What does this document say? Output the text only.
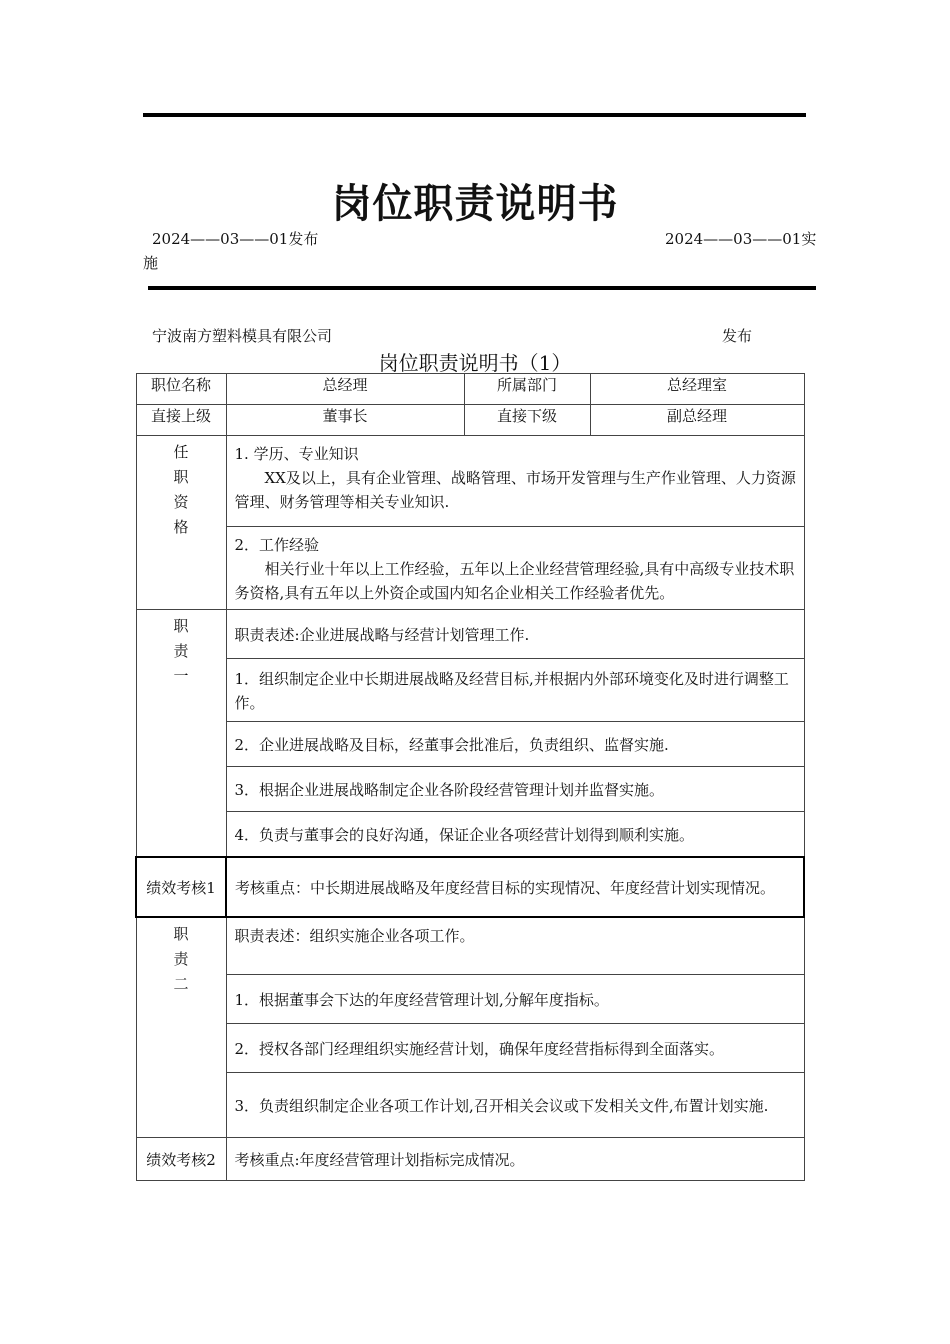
岗位职责说明书
2024——03——01发布	2024——03——01实
施
宁波南方塑料模具有限公司	发布
岗位职责说明书（1）
职位名称	总经理	所属部门	总经理室
直接上级	董事长	直接下级	副总经理

任
职
资
格	1. 学历、专业知识
XX及以上，具有企业管理、战略管理、市场开发管理与生产作业管理、人力资源管理、财务管理等相关专业知识.		

	2．工作经验
相关行业十年以上工作经验，五年以上企业经营管理经验,具有中高级专业技术职务资格,具有五年以上外资企或国内知名企业相关工作经验者优先。		

职
责
一	职责表述:企业进展战略与经营计划管理工作.		
	1．组织制定企业中长期进展战略及经营目标,并根据内外部环境变化及时进行调整工作。		
	2．企业进展战略及目标，经董事会批准后，负责组织、监督实施.		
	3．根据企业进展战略制定企业各阶段经营管理计划并监督实施。		
	4．负责与董事会的良好沟通，保证企业各项经营计划得到顺利实施。		
绩效考核1	考核重点：中长期进展战略及年度经营目标的实现情况、年度经营计划实现情况。		

职
责
二	职责表述：组织实施企业各项工作。		
	1．根据董事会下达的年度经营管理计划,分解年度指标。		
	2．授权各部门经理组织实施经营计划，确保年度经营指标得到全面落实。		
	3．负责组织制定企业各项工作计划,召开相关会议或下发相关文件,布置计划实施.		
绩效考核2	考核重点:年度经营管理计划指标完成情况。		
